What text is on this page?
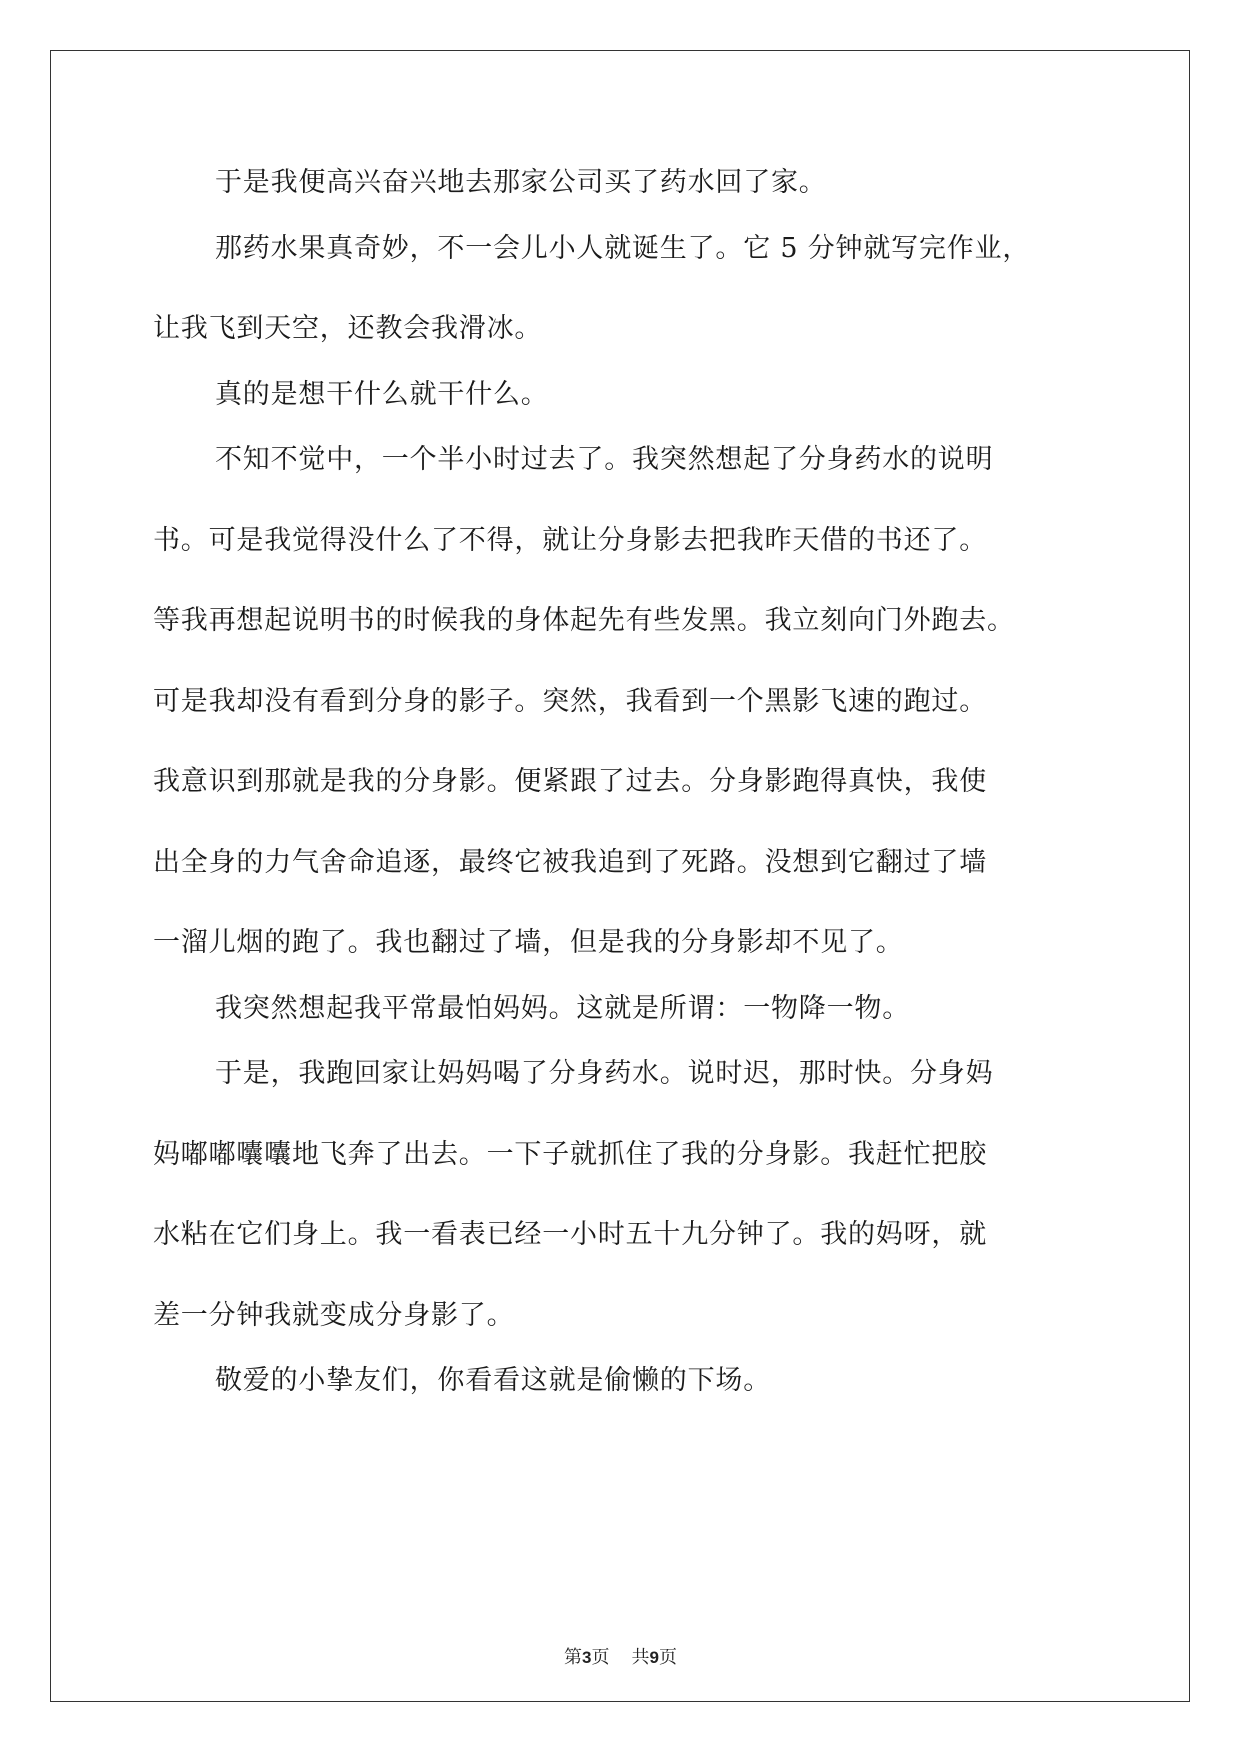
于是我便高兴奋兴地去那家公司买了药水回了家。

那药水果真奇妙，不一会儿小人就诞生了。它 5 分钟就写完作业，
让我飞到天空，还教会我滑冰。

真的是想干什么就干什么。

不知不觉中，一个半小时过去了。我突然想起了分身药水的说明
书。可是我觉得没什么了不得，就让分身影去把我昨天借的书还了。
等我再想起说明书的时候我的身体起先有些发黑。我立刻向门外跑去。
可是我却没有看到分身的影子。突然，我看到一个黑影飞速的跑过。
我意识到那就是我的分身影。便紧跟了过去。分身影跑得真快，我使
出全身的力气舍命追逐，最终它被我追到了死路。没想到它翻过了墙
一溜儿烟的跑了。我也翻过了墙，但是我的分身影却不见了。

我突然想起我平常最怕妈妈。这就是所谓：一物降一物。

于是，我跑回家让妈妈喝了分身药水。说时迟，那时快。分身妈
妈嘟嘟囔囔地飞奔了出去。一下子就抓住了我的分身影。我赶忙把胶
水粘在它们身上。我一看表已经一小时五十九分钟了。我的妈呀，就
差一分钟我就变成分身影了。

敬爱的小挚友们，你看看这就是偷懒的下场。

第3页 共9页
